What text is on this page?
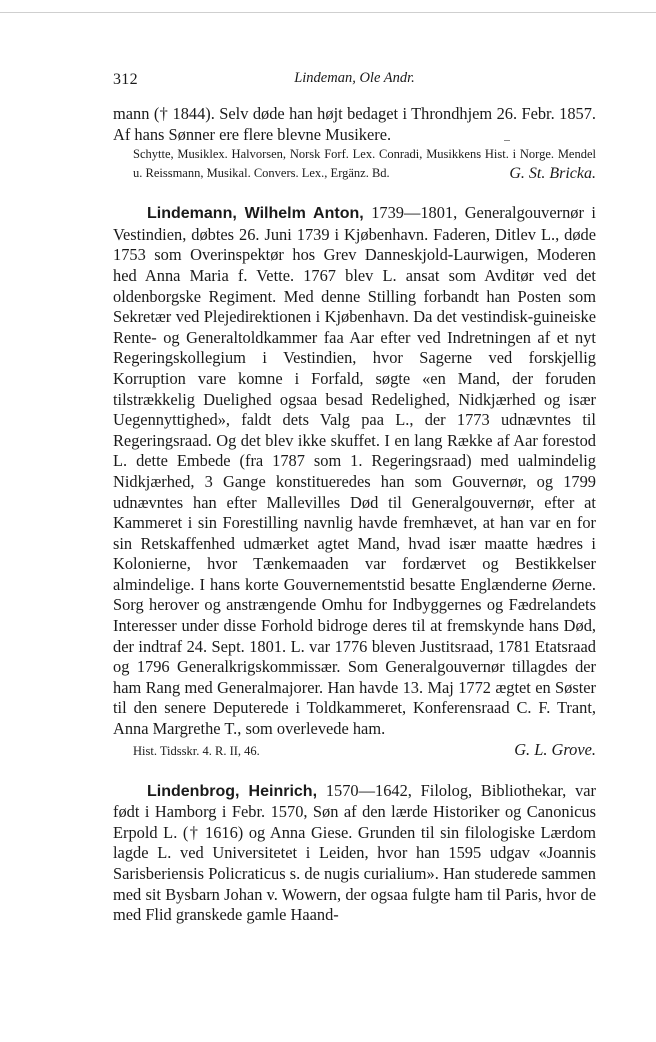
312	Lindeman, Ole Andr.

mann († 1844). Selv døde han højt bedaget i Throndhjem 26. Febr. 1857. Af hans Sønner ere flere blevne Musikere.

Schytte, Musiklex. Halvorsen, Norsk Forf. Lex. Conradi, Musikkens Hist. i Norge. Mendel u. Reissmann, Musikal. Convers. Lex., Ergänz. Bd.	G. St. Bricka.

Lindemann, Wilhelm Anton, 1739—1801, Generalgouvernør i Vestindien, døbtes 26. Juni 1739 i Kjøbenhavn. Faderen, Ditlev L., døde 1753 som Overinspektør hos Grev Danneskjold-Laurwigen, Moderen hed Anna Maria f. Vette. 1767 blev L. ansat som Avditør ved det oldenborgske Regiment. Med denne Stilling forbandt han Posten som Sekretær ved Plejedirektionen i Kjøbenhavn. Da det vestindisk-guineiske Rente- og Generaltoldkammer faa Aar efter ved Indretningen af et nyt Regeringskollegium i Vestindien, hvor Sagerne ved forskjellig Korruption vare komne i Forfald, søgte «en Mand, der foruden tilstrækkelig Duelighed ogsaa besad Redelighed, Nidkjærhed og især Uegennyttighed», faldt dets Valg paa L., der 1773 udnævntes til Regeringsraad. Og det blev ikke skuffet. I en lang Række af Aar forestod L. dette Embede (fra 1787 som 1. Regeringsraad) med ualmindelig Nidkjærhed, 3 Gange konstitueredes han som Gouvernør, og 1799 udnævntes han efter Mallevilles Død til Generalgouvernør, efter at Kammeret i sin Forestilling navnlig havde fremhævet, at han var en for sin Retskaffenhed udmærket agtet Mand, hvad især maatte hædres i Kolonierne, hvor Tænkemaaden var fordærvet og Bestikkelser almindelige. I hans korte Gouvernementstid besatte Englænderne Øerne. Sorg herover og anstrængende Omhu for Indbyggernes og Fædrelandets Interesser under disse Forhold bidroge deres til at fremskynde hans Død, der indtraf 24. Sept. 1801. L. var 1776 bleven Justitsraad, 1781 Etatsraad og 1796 Generalkrigskommissær. Som Generalgouvernør tillagdes der ham Rang med Generalmajorer. Han havde 13. Maj 1772 ægtet en Søster til den senere Deputerede i Toldkammeret, Konferensraad C. F. Trant, Anna Margrethe T., som overlevede ham.

Hist. Tidsskr. 4. R. II, 46.	G. L. Grove.

Lindenbrog, Heinrich, 1570—1642, Filolog, Bibliothekar, var født i Hamborg i Febr. 1570, Søn af den lærde Historiker og Canonicus Erpold L. († 1616) og Anna Giese. Grunden til sin filologiske Lærdom lagde L. ved Universitetet i Leiden, hvor han 1595 udgav «Joannis Sarisberiensis Policraticus s. de nugis curialium». Han studerede sammen med sit Bysbarn Johan v. Wowern, der ogsaa fulgte ham til Paris, hvor de med Flid granskede gamle Haand-
